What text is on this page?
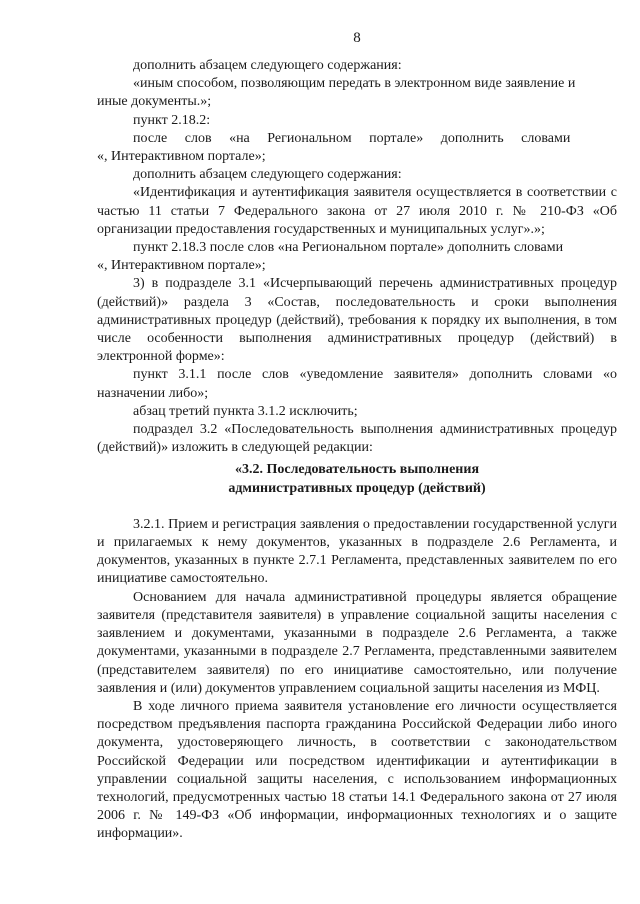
8

дополнить абзацем следующего содержания:

«иным способом, позволяющим передать в электронном виде заявление и

иные документы.»;

пункт 2.18.2:

после слов «на Региональном портале» дополнить словами

«, Интерактивном портале»;

дополнить абзацем следующего содержания:

«Идентификация и аутентификация заявителя осуществляется в соответствии с частью 11 статьи 7 Федерального закона от 27 июля 2010 г. № 210-ФЗ «Об организации предоставления государственных и муниципальных услуг».»;

пункт 2.18.3 после слов «на Региональном портале» дополнить словами

«, Интерактивном портале»;

3) в подразделе 3.1 «Исчерпывающий перечень административных процедур (действий)» раздела 3 «Состав, последовательность и сроки выполнения административных процедур (действий), требования к порядку их выполнения, в том числе особенности выполнения административных процедур (действий) в электронной форме»:

пункт 3.1.1 после слов «уведомление заявителя» дополнить словами «о назначении либо»;

абзац третий пункта 3.1.2 исключить;

подраздел 3.2 «Последовательность выполнения административных процедур (действий)» изложить в следующей редакции:

«3.2. Последовательность выполнения

административных процедур (действий)

3.2.1. Прием и регистрация заявления о предоставлении государственной услуги и прилагаемых к нему документов, указанных в подразделе 2.6 Регламента, и документов, указанных в пункте 2.7.1 Регламента, представленных заявителем по его инициативе самостоятельно.

Основанием для начала административной процедуры является обращение заявителя (представителя заявителя) в управление социальной защиты населения с заявлением и документами, указанными в подразделе 2.6 Регламента, а также документами, указанными в подразделе 2.7 Регламента, представленными заявителем (представителем заявителя) по его инициативе самостоятельно, или получение заявления и (или) документов управлением социальной защиты населения из МФЦ.

В ходе личного приема заявителя установление его личности осуществляется посредством предъявления паспорта гражданина Российской Федерации либо иного документа, удостоверяющего личность, в соответствии с законодательством Российской Федерации или посредством идентификации и аутентификации в управлении социальной защиты населения, с использованием информационных технологий, предусмотренных частью 18 статьи 14.1 Федерального закона от 27 июля 2006 г. № 149-ФЗ «Об информации, информационных технологиях и о защите информации».
